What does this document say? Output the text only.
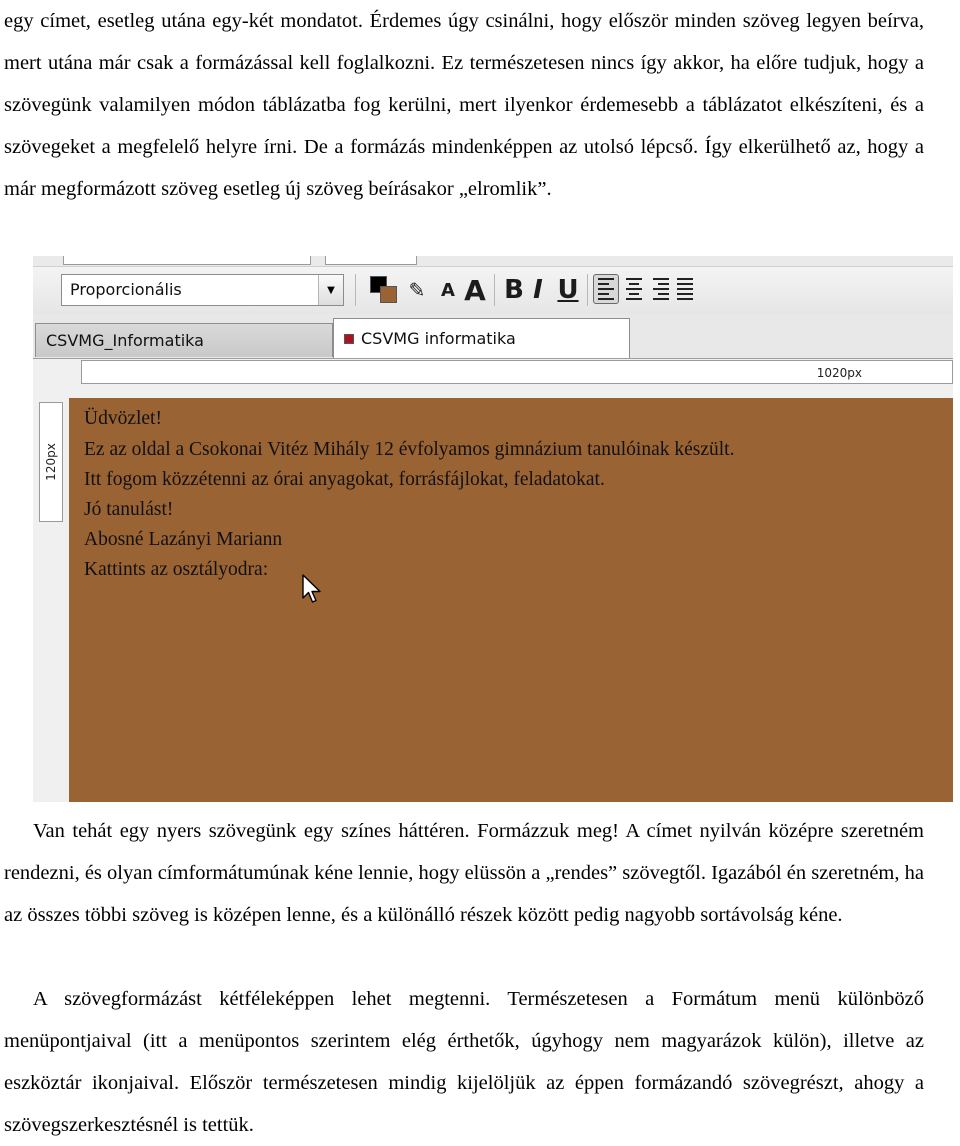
egy címet, esetleg utána egy-két mondatot. Érdemes úgy csinálni, hogy először minden szöveg legyen beírva, mert utána már csak a formázással kell foglalkozni. Ez természetesen nincs így akkor, ha előre tudjuk, hogy a szövegünk valamilyen módon táblázatba fog kerülni, mert ilyenkor érdemesebb a táblázatot elkészíteni, és a szövegeket a megfelelő helyre írni. De a formázás mindenképpen az utolsó lépcső. Így elkerülhető az, hogy a már megformázott szöveg esetleg új szöveg beírásakor „elromlik”.

Proporcionális	▼	✎ A A B I U
CSVMG_Informatika	CSVMG informatika
1020px
120px
Üdvözlet!
Ez az oldal a Csokonai Vitéz Mihály 12 évfolyamos gimnázium tanulóinak készült.
Itt fogom közzétenni az órai anyagokat, forrásfájlokat, feladatokat.
Jó tanulást!
Abosné Lazányi Mariann
Kattints az osztályodra:

Van tehát egy nyers szövegünk egy színes háttéren. Formázzuk meg! A címet nyilván középre szeretném rendezni, és olyan címformátumúnak kéne lennie, hogy elüssön a „rendes” szövegtől. Igazából én szeretném, ha az összes többi szöveg is középen lenne, és a különálló részek között pedig nagyobb sortávolság kéne.

A szövegformázást kétféleképpen lehet megtenni. Természetesen a Formátum menü különböző menüpontjaival (itt a menüpontos szerintem elég érthetők, úgyhogy nem magyarázok külön), illetve az eszköztár ikonjaival. Először természetesen mindig kijelöljük az éppen formázandó szövegrészt, ahogy a szövegszerkesztésnél is tettük.
